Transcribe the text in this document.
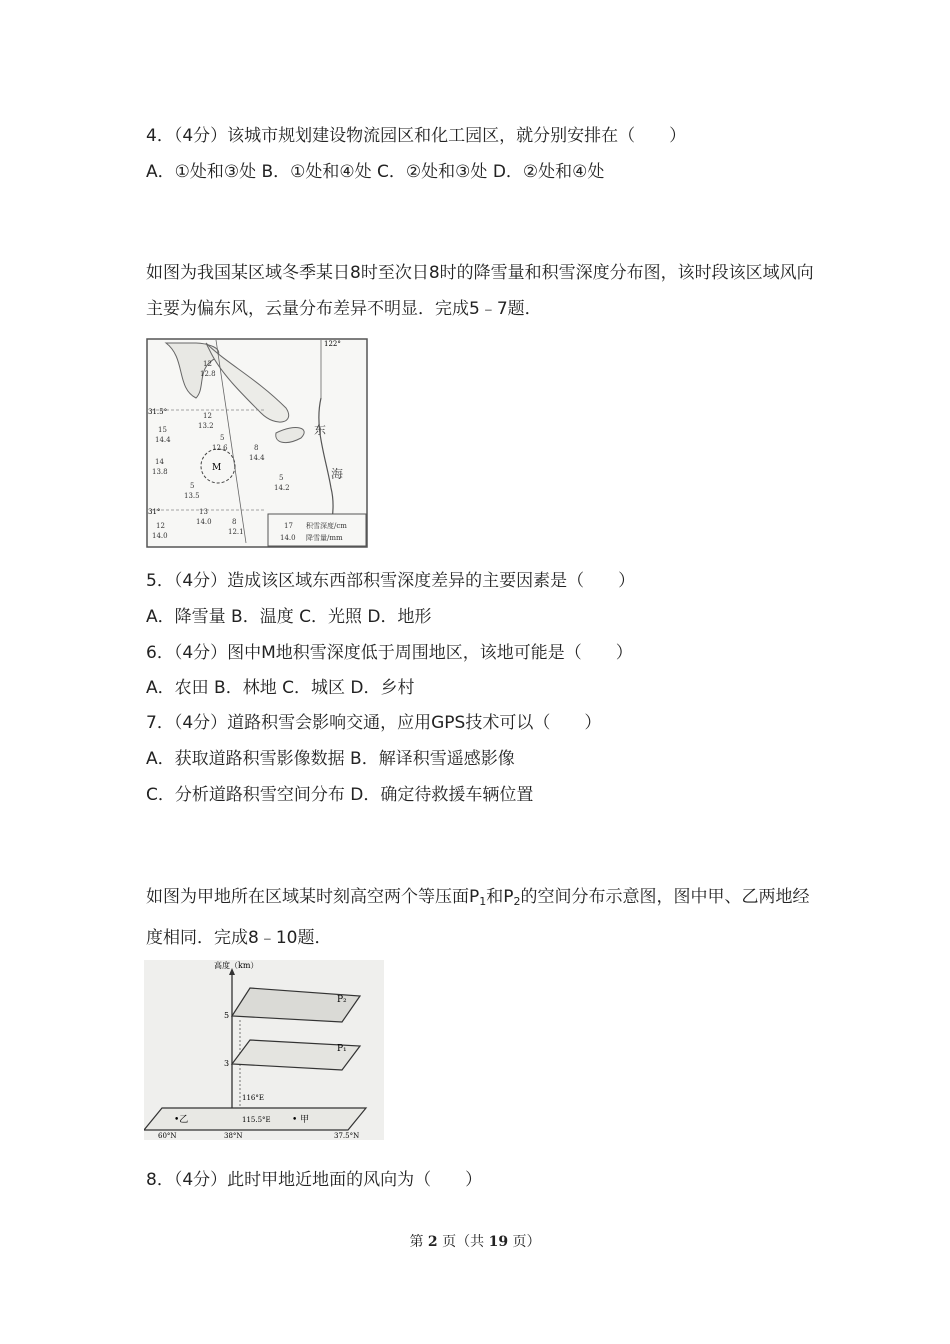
4．（4分）该城市规划建设物流园区和化工园区，就分别安排在（　　）
A．①处和③处 B．①处和④处 C．②处和③处 D．②处和④处
如图为我国某区域冬季某日8时至次日8时的降雪量和积雪深度分布图，该时段该区域风向主要为偏东风，云量分布差异不明显．完成5﹣7题．
M
122°
31.5°
31°
东
海
12
12.8
12
13.2
15
14.4	5
12.6	8
14.4
14
13.8
5
13.5
5
14.2
13
14.0
12
14.0
8
12.1
17
14.0
积雪深度/cm
降雪量/mm
5．（4分）造成该区域东西部积雪深度差异的主要因素是（　　）
A．降雪量 B．温度 C．光照 D．地形
6．（4分）图中M地积雪深度低于周围地区，该地可能是（　　）
A．农田 B．林地 C．城区 D．乡村
7．（4分）道路积雪会影响交通，应用GPS技术可以（　　）
A．获取道路积雪影像数据 B．解译积雪遥感影像
C．分析道路积雪空间分布 D．确定待救援车辆位置
如图为甲地所在区域某时刻高空两个等压面$P_1$和$P_2$的空间分布示意图，图中甲、乙两地经度相同．完成8﹣10题．
高度（km）
5
3
P₂
P₁
116°E
115.5°E
•乙	• 甲
60°N	38°N	37.5°N
8．（4分）此时甲地近地面的风向为（　　）
第 2 页（共 19 页）
